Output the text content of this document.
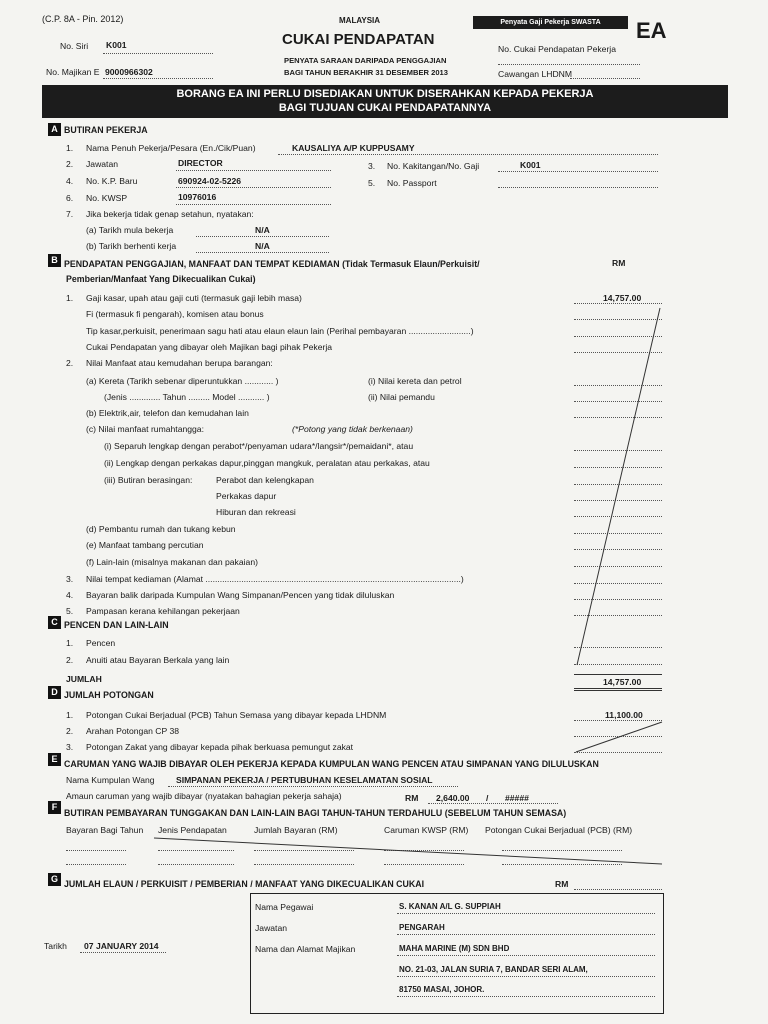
(C.P. 8A - Pin. 2012)	MALAYSIA
CUKAI PENDAPATAN
PENYATA SARAAN DARIPADA PENGGAJIAN
BAGI TAHUN BERAKHIR 31 DESEMBER 2013
Penyata Gaji Pekerja SWASTA	EA
No. Siri K001
No. Majikan E 9000966302
No. Cukai Pendapatan Pekerja
Cawangan LHDNM
BORANG EA INI PERLU DISEDIAKAN UNTUK DISERAHKAN KEPADA PEKERJA
BAGI TUJUAN CUKAI PENDAPATANNYA
A BUTIRAN PEKERJA
1. Nama Penuh Pekerja/Pesara (En./Cik/Puan)	KAUSALIYA A/P KUPPUSAMY
2. Jawatan	DIRECTOR	3. No. Kakitangan/No. Gaji	K001
4. No. K.P. Baru	690924-02-5226	5. No. Passport
6. No. KWSP	10976016
7. Jika bekerja tidak genap setahun, nyatakan:
(a) Tarikh mula bekerja	N/A
(b) Tarikh berhenti kerja	N/A
B PENDAPATAN PENGGAJIAN, MANFAAT DAN TEMPAT KEDIAMAN (Tidak Termasuk Elaun/Perkuisit/
Pemberian/Manfaat Yang Dikecualikan Cukai)
RM
1. Gaji kasar, upah atau gaji cuti (termasuk gaji lebih masa)	14,757.00
Fi (termasuk fi pengarah), komisen atau bonus
Tip kasar,perkuisit, penerimaan sagu hati atau elaun elaun lain (Perihal pembayaran ..........................)
Cukai Pendapatan yang dibayar oleh Majikan bagi pihak Pekerja
2. Nilai Manfaat atau kemudahan berupa barangan:
(a) Kereta (Tarikh sebenar diperuntukkan ............ )
(Jenis ............. Tahun ......... Model ........... )
(i) Nilai kereta dan petrol
(ii) Nilai pemandu
(b) Elektrik,air, telefon dan kemudahan lain
(c) Nilai manfaat rumahtangga:	(*Potong yang tidak berkenaan)
(i) Separuh lengkap dengan perabot*/penyaman udara*/langsir*/pemaidani*, atau
(ii) Lengkap dengan perkakas dapur,pinggan mangkuk, peralatan atau perkakas, atau
(iii) Butiran berasingan:	Perabot dan kelengkapan
Perkakas dapur
Hiburan dan rekreasi
(d) Pembantu rumah dan tukang kebun
(e) Manfaat tambang percutian
(f) Lain-lain (misalnya makanan dan pakaian)
3. Nilai tempat kediaman (Alamat ...........................................................................................................)
4. Bayaran balik daripada Kumpulan Wang Simpanan/Pencen yang tidak diluluskan
5. Pampasan kerana kehilangan pekerjaan
C PENCEN DAN LAIN-LAIN
1. Pencen
2. Anuiti atau Bayaran Berkala yang lain
JUMLAH	14,757.00
D JUMLAH POTONGAN
1. Potongan Cukai Berjadual (PCB) Tahun Semasa yang dibayar kepada LHDNM	11,100.00
2. Arahan Potongan CP 38
3. Potongan Zakat yang dibayar kepada pihak berkuasa pemungut zakat
E CARUMAN YANG WAJIB DIBAYAR OLEH PEKERJA KEPADA KUMPULAN WANG PENCEN ATAU SIMPANAN YANG DILULUSKAN
Nama Kumpulan Wang SIMPANAN PEKERJA / PERTUBUHAN KESELAMATAN SOSIAL
Amaun caruman yang wajib dibayar (nyatakan bahagian pekerja sahaja)	RM 2,640.00 / #####
F
BUTIRAN PEMBAYARAN TUNGGAKAN DAN LAIN-LAIN BAGI TAHUN-TAHUN TERDAHULU (SEBELUM TAHUN SEMASA)
Bayaran Bagi Tahun Jenis Pendapatan	Jumlah Bayaran (RM)	Caruman KWSP (RM) Potongan Cukai Berjadual (PCB) (RM)
G JUMLAH ELAUN / PERKUISIT / PEMBERIAN / MANFAAT YANG DIKECUALIKAN CUKAI	RM
Tarikh 07 JANUARY 2014
Nama Pegawai	S. KANAN A/L G. SUPPIAH
Jawatan	PENGARAH
Nama dan Alamat Majikan	MAHA MARINE (M) SDN BHD
NO. 21-03, JALAN SURIA 7, BANDAR SERI ALAM,
81750 MASAI, JOHOR.
